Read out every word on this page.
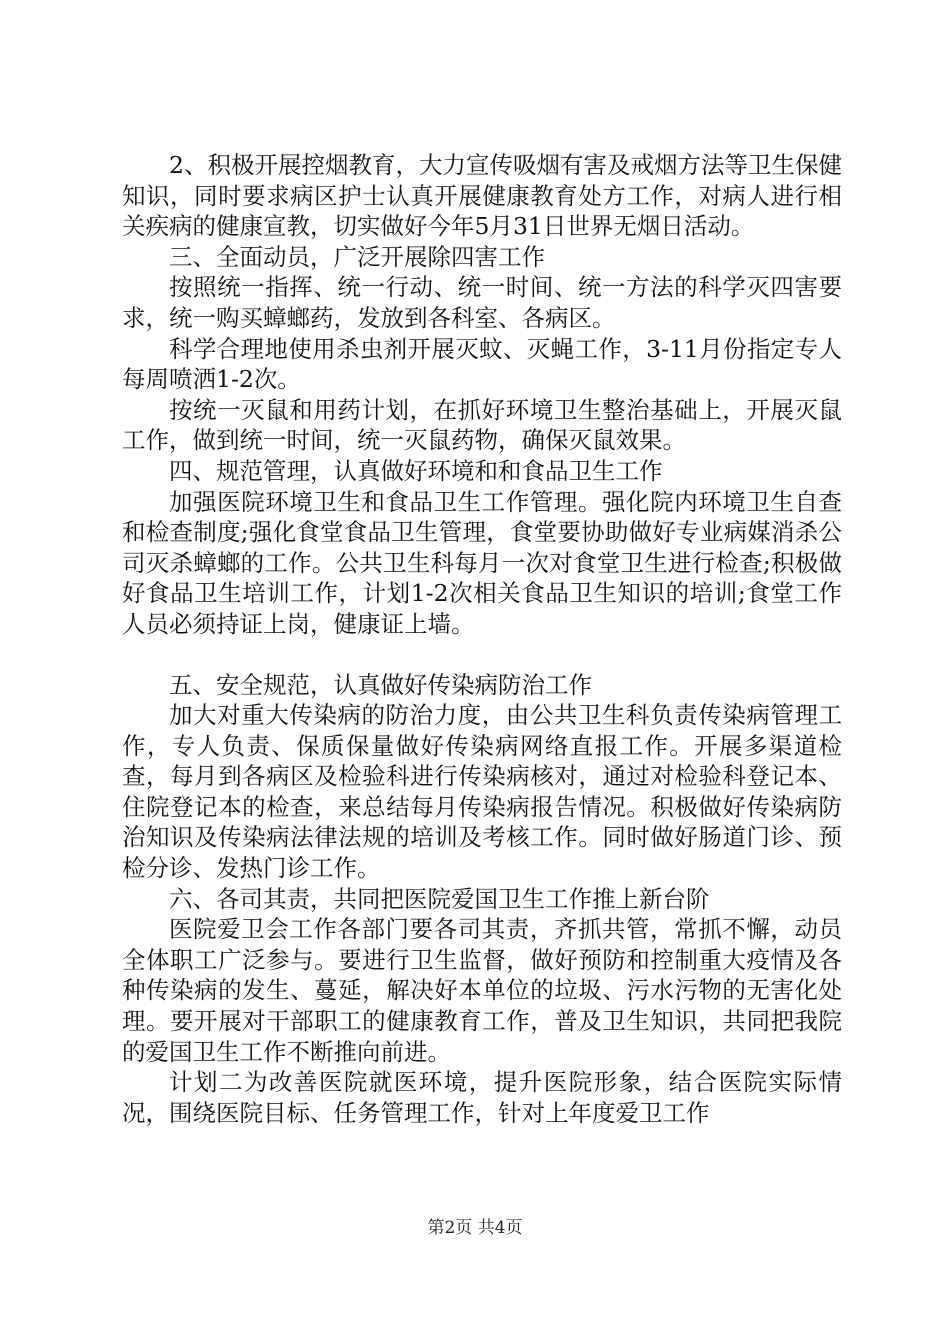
2、积极开展控烟教育，大力宣传吸烟有害及戒烟方法等卫生保健知识，同时要求病区护士认真开展健康教育处方工作，对病人进行相关疾病的健康宣教，切实做好今年5月31日世界无烟日活动。

三、全面动员，广泛开展除四害工作

按照统一指挥、统一行动、统一时间、统一方法的科学灭四害要求，统一购买蟑螂药，发放到各科室、各病区。

科学合理地使用杀虫剂开展灭蚊、灭蝇工作，3-11月份指定专人每周喷洒1-2次。

按统一灭鼠和用药计划，在抓好环境卫生整治基础上，开展灭鼠工作，做到统一时间，统一灭鼠药物，确保灭鼠效果。

四、规范管理，认真做好环境和和食品卫生工作

加强医院环境卫生和食品卫生工作管理。强化院内环境卫生自查和检查制度;强化食堂食品卫生管理，食堂要协助做好专业病媒消杀公司灭杀蟑螂的工作。公共卫生科每月一次对食堂卫生进行检查;积极做好食品卫生培训工作，计划1-2次相关食品卫生知识的培训;食堂工作人员必须持证上岗，健康证上墙。

五、安全规范，认真做好传染病防治工作

加大对重大传染病的防治力度，由公共卫生科负责传染病管理工作，专人负责、保质保量做好传染病网络直报工作。开展多渠道检查，每月到各病区及检验科进行传染病核对，通过对检验科登记本、住院登记本的检查，来总结每月传染病报告情况。积极做好传染病防治知识及传染病法律法规的培训及考核工作。同时做好肠道门诊、预检分诊、发热门诊工作。

六、各司其责，共同把医院爱国卫生工作推上新台阶

医院爱卫会工作各部门要各司其责，齐抓共管，常抓不懈，动员全体职工广泛参与。要进行卫生监督，做好预防和控制重大疫情及各种传染病的发生、蔓延，解决好本单位的垃圾、污水污物的无害化处理。要开展对干部职工的健康教育工作，普及卫生知识，共同把我院的爱国卫生工作不断推向前进。

计划二为改善医院就医环境，提升医院形象，结合医院实际情况，围绕医院目标、任务管理工作，针对上年度爱卫工作

第2页 共4页
